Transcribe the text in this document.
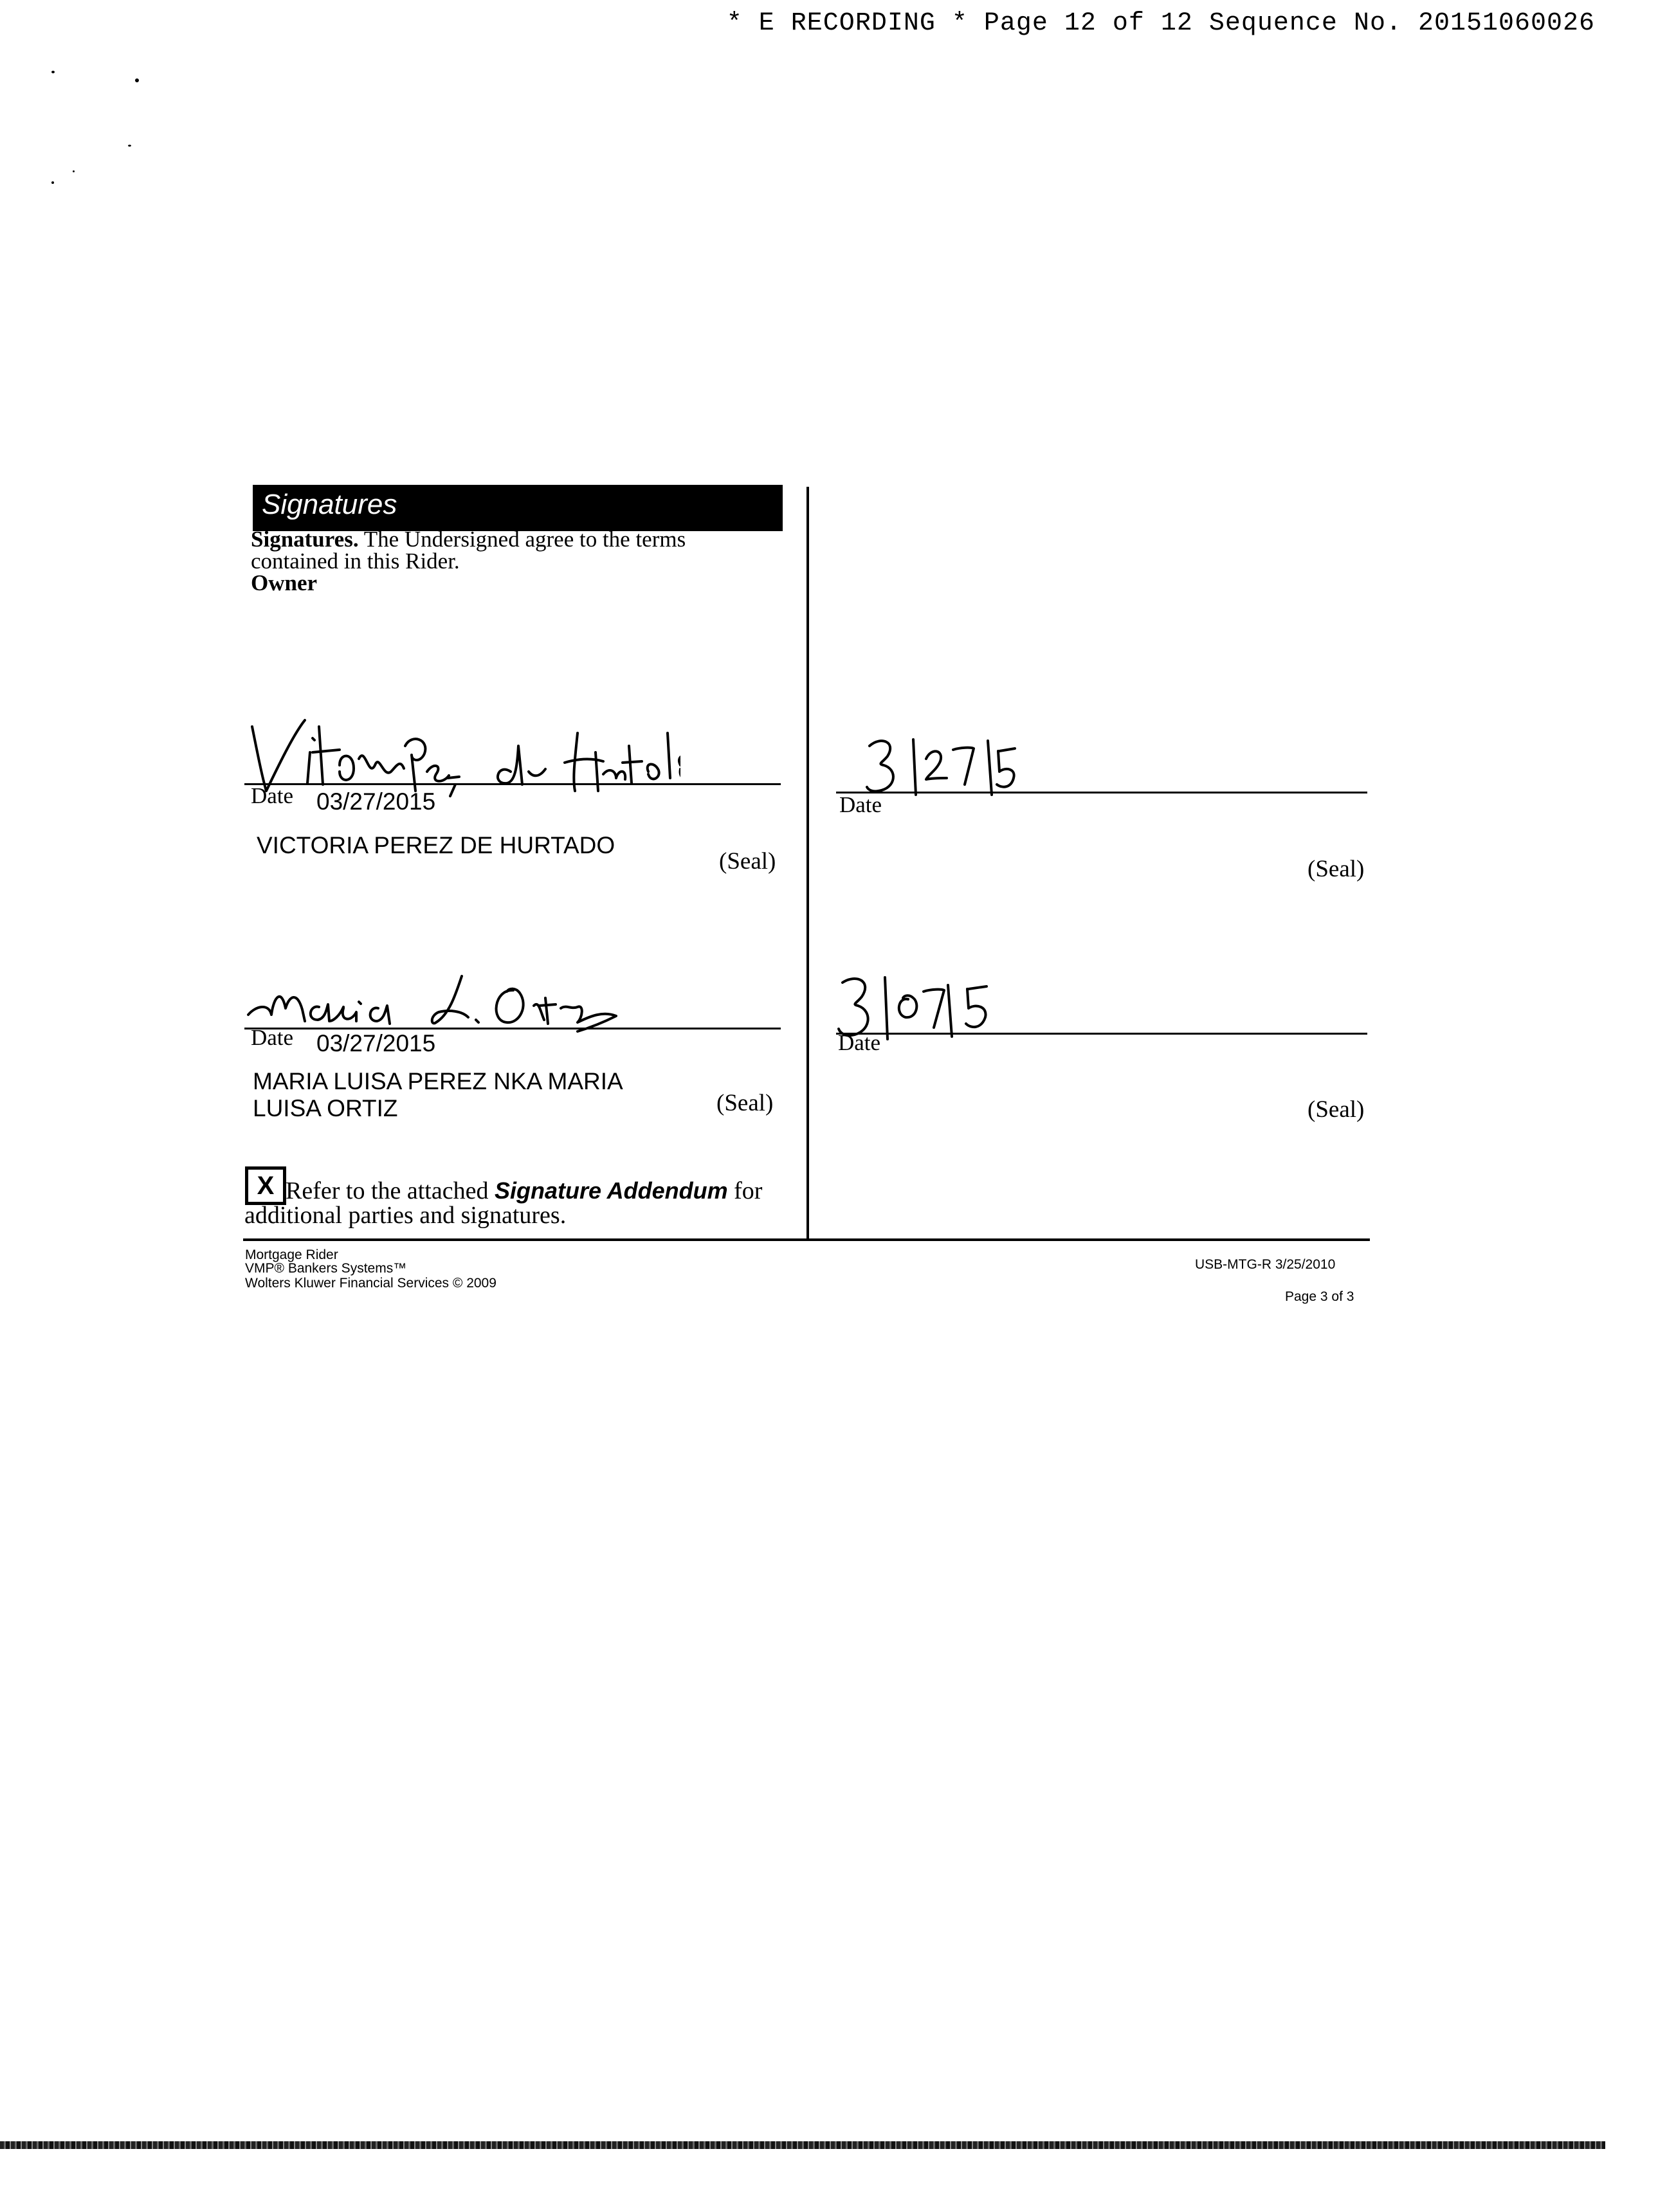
* E RECORDING * Page 12 of 12 Sequence No. 20151060026
Signatures
Signatures. The Undersigned agree to the terms
contained in this Rider.
Owner
Date 03/27/2015
VICTORIA PEREZ DE HURTADO
(Seal)
Date
(Seal)
Date 03/27/2015
MARIA LUISA PEREZ NKA MARIA
LUISA ORTIZ	(Seal)
Date
(Seal)
X Refer to the attached Signature Addendum for
additional parties and signatures.
Mortgage Rider
VMP® Bankers Systems™
Wolters Kluwer Financial Services © 2009
USB-MTG-R 3/25/2010
Page 3 of 3
